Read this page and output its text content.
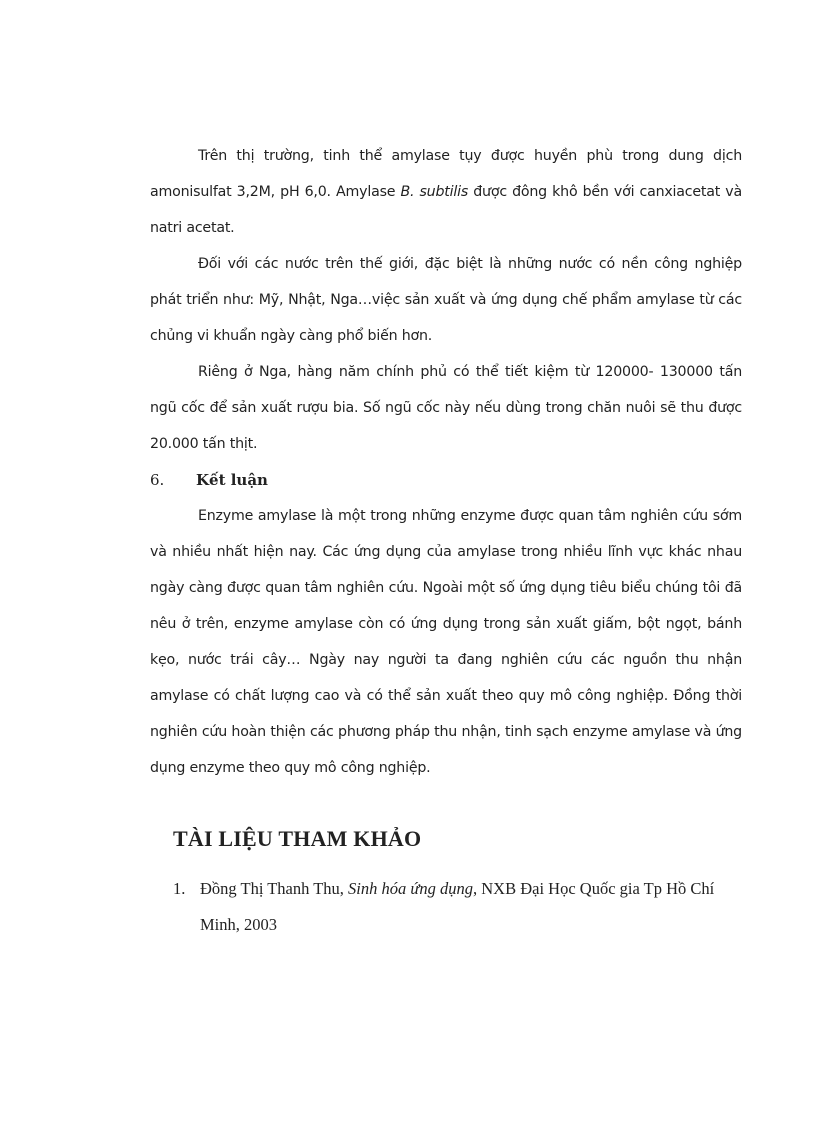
Trên thị trường, tinh thể amylase tụy được huyền phù trong dung dịch amonisulfat 3,2M, pH 6,0. Amylase B. subtilis được đông khô bền với canxiacetat và natri acetat.

Đối với các nước trên thế giới, đặc biệt là những nước có nền công nghiệp phát triển như: Mỹ, Nhật, Nga…việc sản xuất và ứng dụng chế phẩm amylase từ các chủng vi khuẩn ngày càng phổ biến hơn.

Riêng ở Nga, hàng năm chính phủ có thể tiết kiệm từ 120000- 130000 tấn ngũ cốc để sản xuất rượu bia. Số ngũ cốc này nếu dùng trong chăn nuôi sẽ thu được 20.000 tấn thịt.

6.	Kết luận

Enzyme amylase là một trong những enzyme được quan tâm nghiên cứu sớm và nhiều nhất hiện nay. Các ứng dụng của amylase trong nhiều lĩnh vực khác nhau ngày càng được quan tâm nghiên cứu. Ngoài một số ứng dụng tiêu biểu chúng tôi đã nêu ở trên, enzyme amylase còn có ứng dụng trong sản xuất giấm, bột ngọt, bánh kẹo, nước trái cây… Ngày nay người ta đang nghiên cứu các nguồn thu nhận amylase có chất lượng cao và có thể sản xuất theo quy mô công nghiệp. Đồng thời nghiên cứu hoàn thiện các phương pháp thu nhận, tinh sạch enzyme amylase và ứng dụng enzyme theo quy mô công nghiệp.

TÀI LIỆU THAM KHẢO
1. Đồng Thị Thanh Thu, Sinh hóa ứng dụng, NXB Đại Học Quốc gia Tp Hồ Chí Minh, 2003
